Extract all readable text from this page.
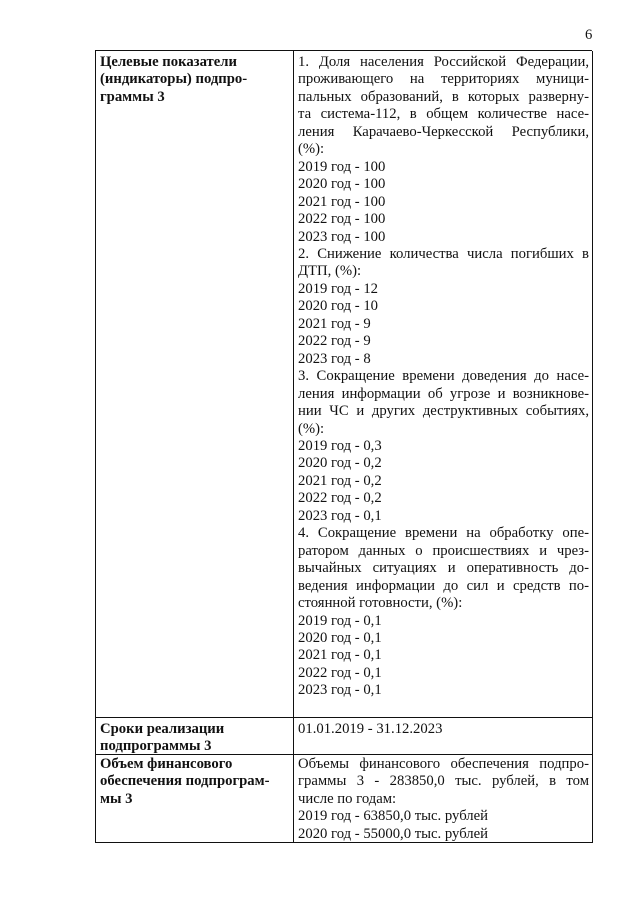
6
Целевые показатели
(индикаторы) подпро-
граммы 3
1. Доля населения Российской Федерации,
проживающего на территориях муници-
пальных образований, в которых разверну-
та система-112, в общем количестве насе-
ления Карачаево-Черкесской Республики,
(%):
2019 год - 100
2020 год - 100
2021 год - 100
2022 год - 100
2023 год - 100
2. Снижение количества числа погибших в
ДТП, (%):
2019 год - 12
2020 год - 10
2021 год - 9
2022 год - 9
2023 год - 8
3. Сокращение времени доведения до насе-
ления информации об угрозе и возникнове-
нии ЧС и других деструктивных событиях,
(%):
2019 год - 0,3
2020 год - 0,2
2021 год - 0,2
2022 год - 0,2
2023 год - 0,1
4. Сокращение времени на обработку опе-
ратором данных о происшествиях и чрез-
вычайных ситуациях и оперативность до-
ведения информации до сил и средств по-
стоянной готовности, (%):
2019 год - 0,1
2020 год - 0,1
2021 год - 0,1
2022 год - 0,1
2023 год - 0,1
Сроки реализации
подпрограммы 3
01.01.2019 - 31.12.2023
Объем финансового
обеспечения подпрограм-
мы 3
Объемы финансового обеспечения подпро-
граммы 3 - 283850,0 тыс. рублей, в том
числе по годам:
2019 год - 63850,0 тыс. рублей
2020 год - 55000,0 тыс. рублей
